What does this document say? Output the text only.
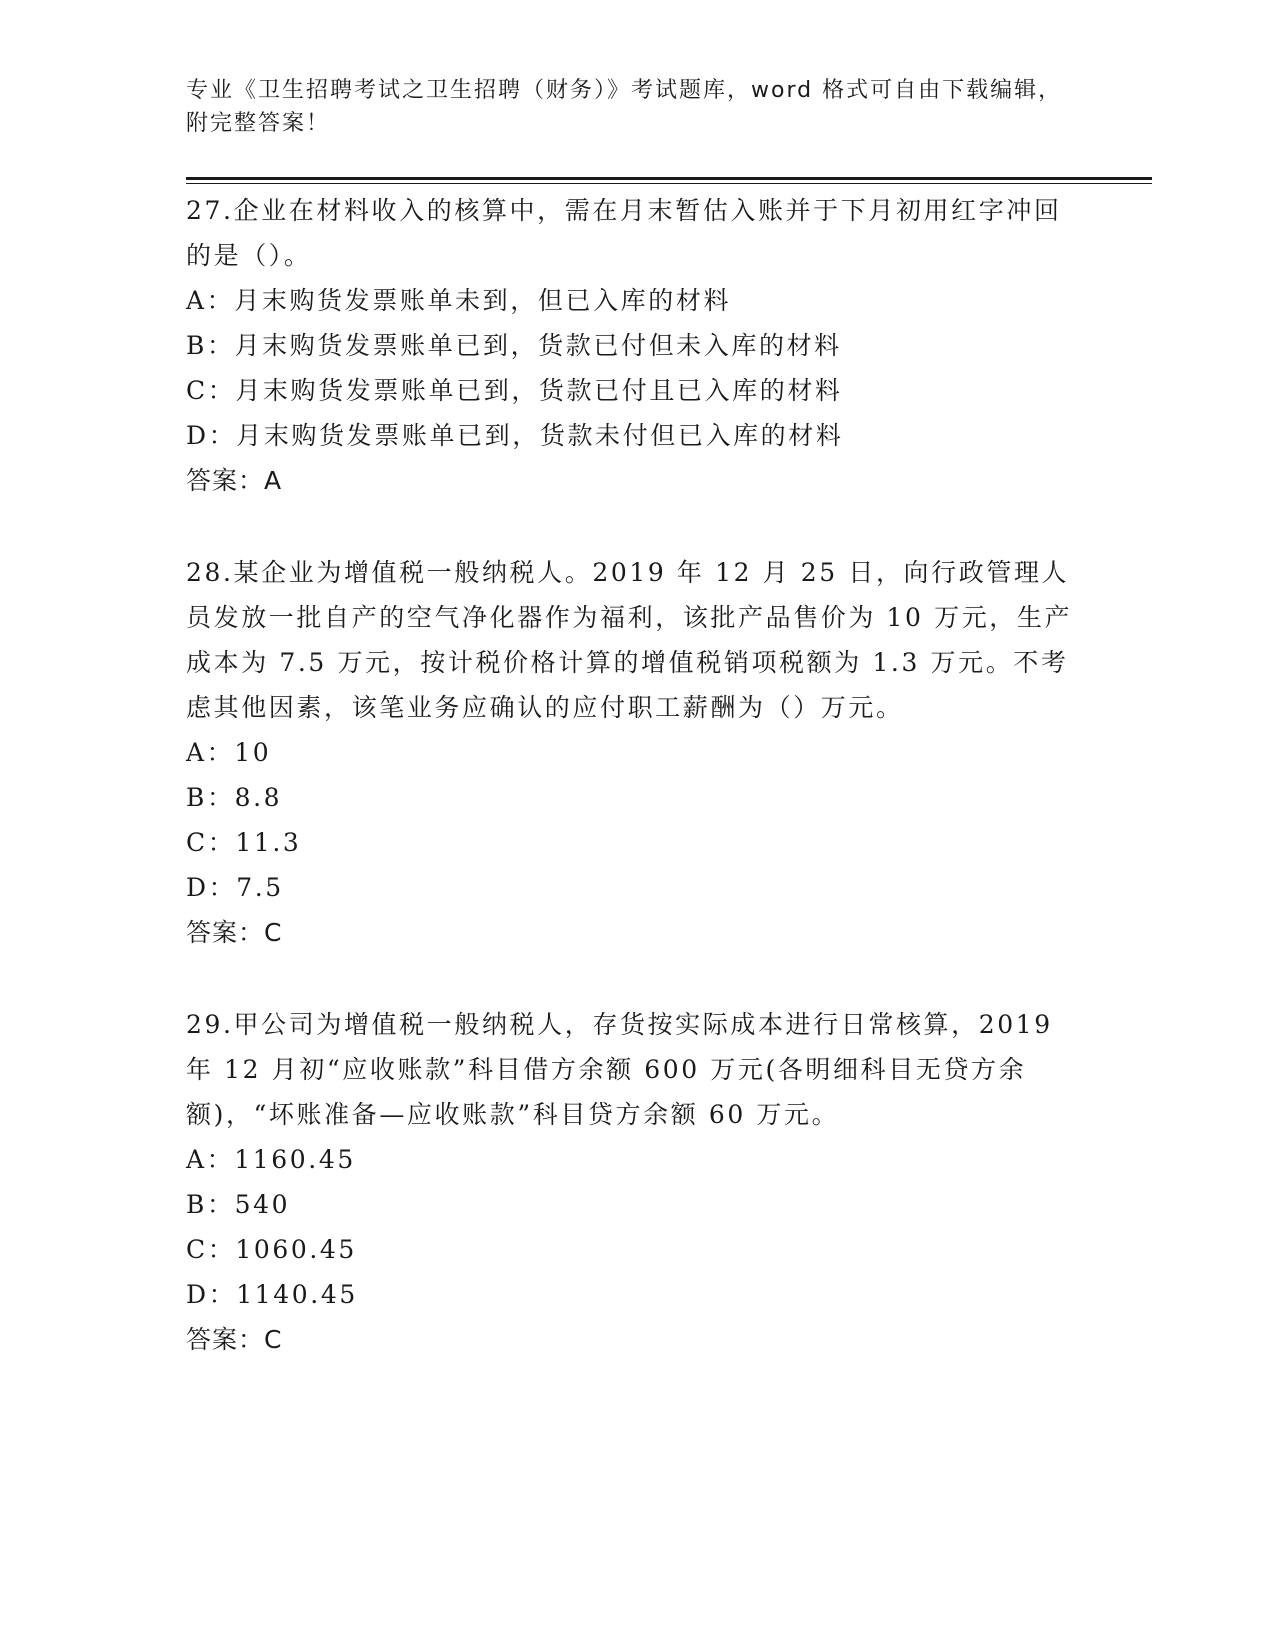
专业《卫生招聘考试之卫生招聘（财务）》考试题库，word 格式可自由下载编辑，附完整答案！

27.企业在材料收入的核算中，需在月末暂估入账并于下月初用红字冲回的是（）。

A：月末购货发票账单未到，但已入库的材料

B：月末购货发票账单已到，货款已付但未入库的材料

C：月末购货发票账单已到，货款已付且已入库的材料

D：月末购货发票账单已到，货款未付但已入库的材料

答案：A

28.某企业为增值税一般纳税人。2019 年 12 月 25 日，向行政管理人员发放一批自产的空气净化器作为福利，该批产品售价为 10 万元，生产成本为 7.5 万元，按计税价格计算的增值税销项税额为 1.3 万元。不考虑其他因素，该笔业务应确认的应付职工薪酬为（）万元。

A：10

B：8.8

C：11.3

D：7.5

答案：C

29.甲公司为增值税一般纳税人，存货按实际成本进行日常核算，2019 年 12 月初“应收账款”科目借方余额 600 万元(各明细科目无贷方余额)，“坏账准备—应收账款”科目贷方余额 60 万元。

A：1160.45

B：540

C：1060.45

D：1140.45

答案：C
